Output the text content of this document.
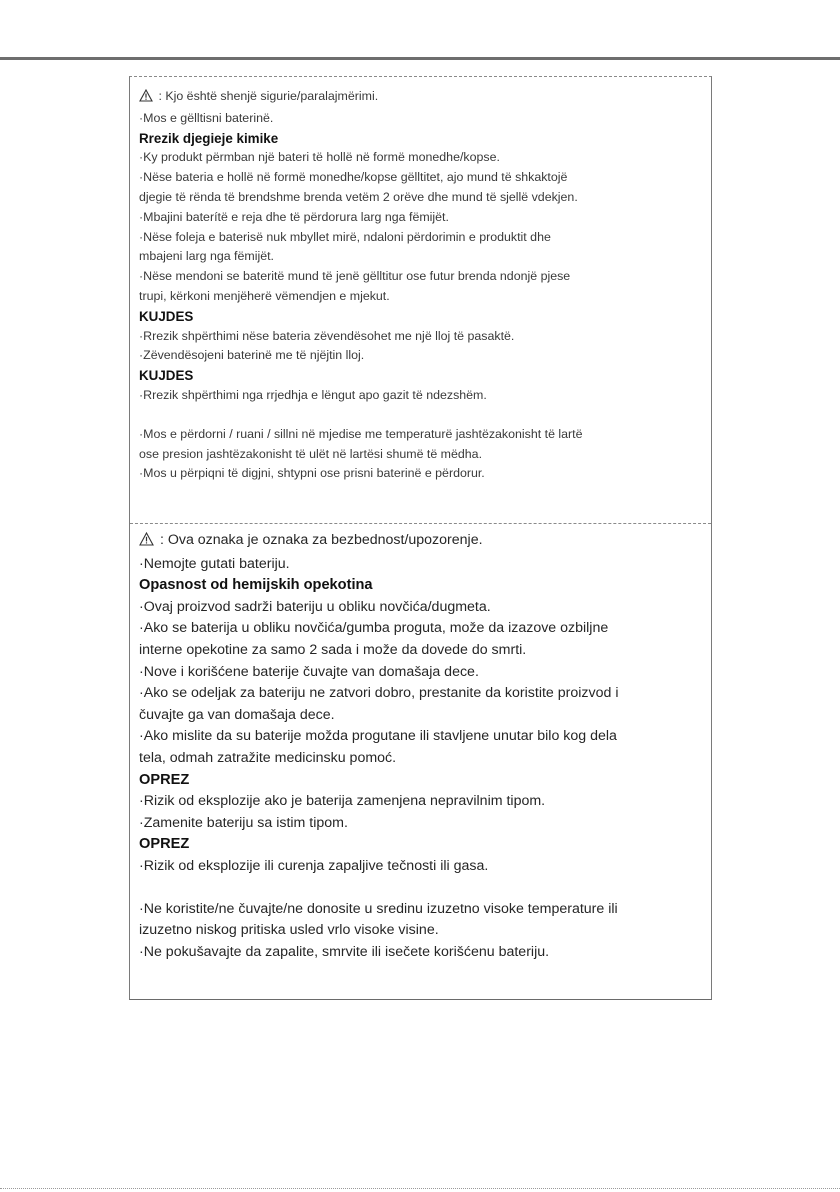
: Kjo është shenjë sigurie/paralajmërimi.
·Mos e gëlltisni baterinë.
Rrezik djegieje kimike
·Ky produkt përmban një bateri të hollë në formë monedhe/kopse.
·Nëse bateria e hollë në formë monedhe/kopse gëlltitet, ajo mund të shkaktojë
djegie të rënda të brendshme brenda vetëm 2 orëve dhe mund të sjellë vdekjen.
·Mbajini baterítë e reja dhe të përdorura larg nga fëmijët.
·Nëse foleja e baterisë nuk mbyllet mirë, ndaloni përdorimin e produktit dhe
mbajeni larg nga fëmijët.
·Nëse mendoni se bateritë mund të jenë gëlltitur ose futur brenda ndonjë pjese
trupi, kërkoni menjëherë vëmendjen e mjekut.
KUJDES
·Rrezik shpërthimi nëse bateria zëvendësohet me një lloj të pasaktë.
·Zëvendësojeni baterinë me të njëjtin lloj.
KUJDES
·Rrezik shpërthimi nga rrjedhja e lëngut apo gazit të ndezshëm.
·Mos e përdorni / ruani / sillni në mjedise me temperaturë jashtëzakonisht të lartë
ose presion jashtëzakonisht të ulët në lartësi shumë të mëdha.
·Mos u përpiqni të digjni, shtypni ose prisni baterinë e përdorur.
: Ova oznaka je oznaka za bezbednost/upozorenje.
·Nemojte gutati bateriju.
Opasnost od hemijskih opekotina
·Ovaj proizvod sadrži bateriju u obliku novčića/dugmeta.
·Ako se baterija u obliku novčića/gumba proguta, može da izazove ozbiljne
interne opekotine za samo 2 sada i može da dovede do smrti.
·Nove i korišćene baterije čuvajte van domašaja dece.
·Ako se odeljak za bateriju ne zatvori dobro, prestanite da koristite proizvod i
čuvajte ga van domašaja dece.
·Ako mislite da su baterije možda progutane ili stavljene unutar bilo kog dela
tela, odmah zatražite medicinsku pomoć.
OPREZ
·Rizik od eksplozije ako je baterija zamenjena nepravilnim tipom.
·Zamenite bateriju sa istim tipom.
OPREZ
·Rizik od eksplozije ili curenja zapaljive tečnosti ili gasa.
·Ne koristite/ne čuvajte/ne donosite u sredinu izuzetno visoke temperature ili
izuzetno niskog pritiska usled vrlo visoke visine.
·Ne pokušavajte da zapalite, smrvite ili isečete korišćenu bateriju.
